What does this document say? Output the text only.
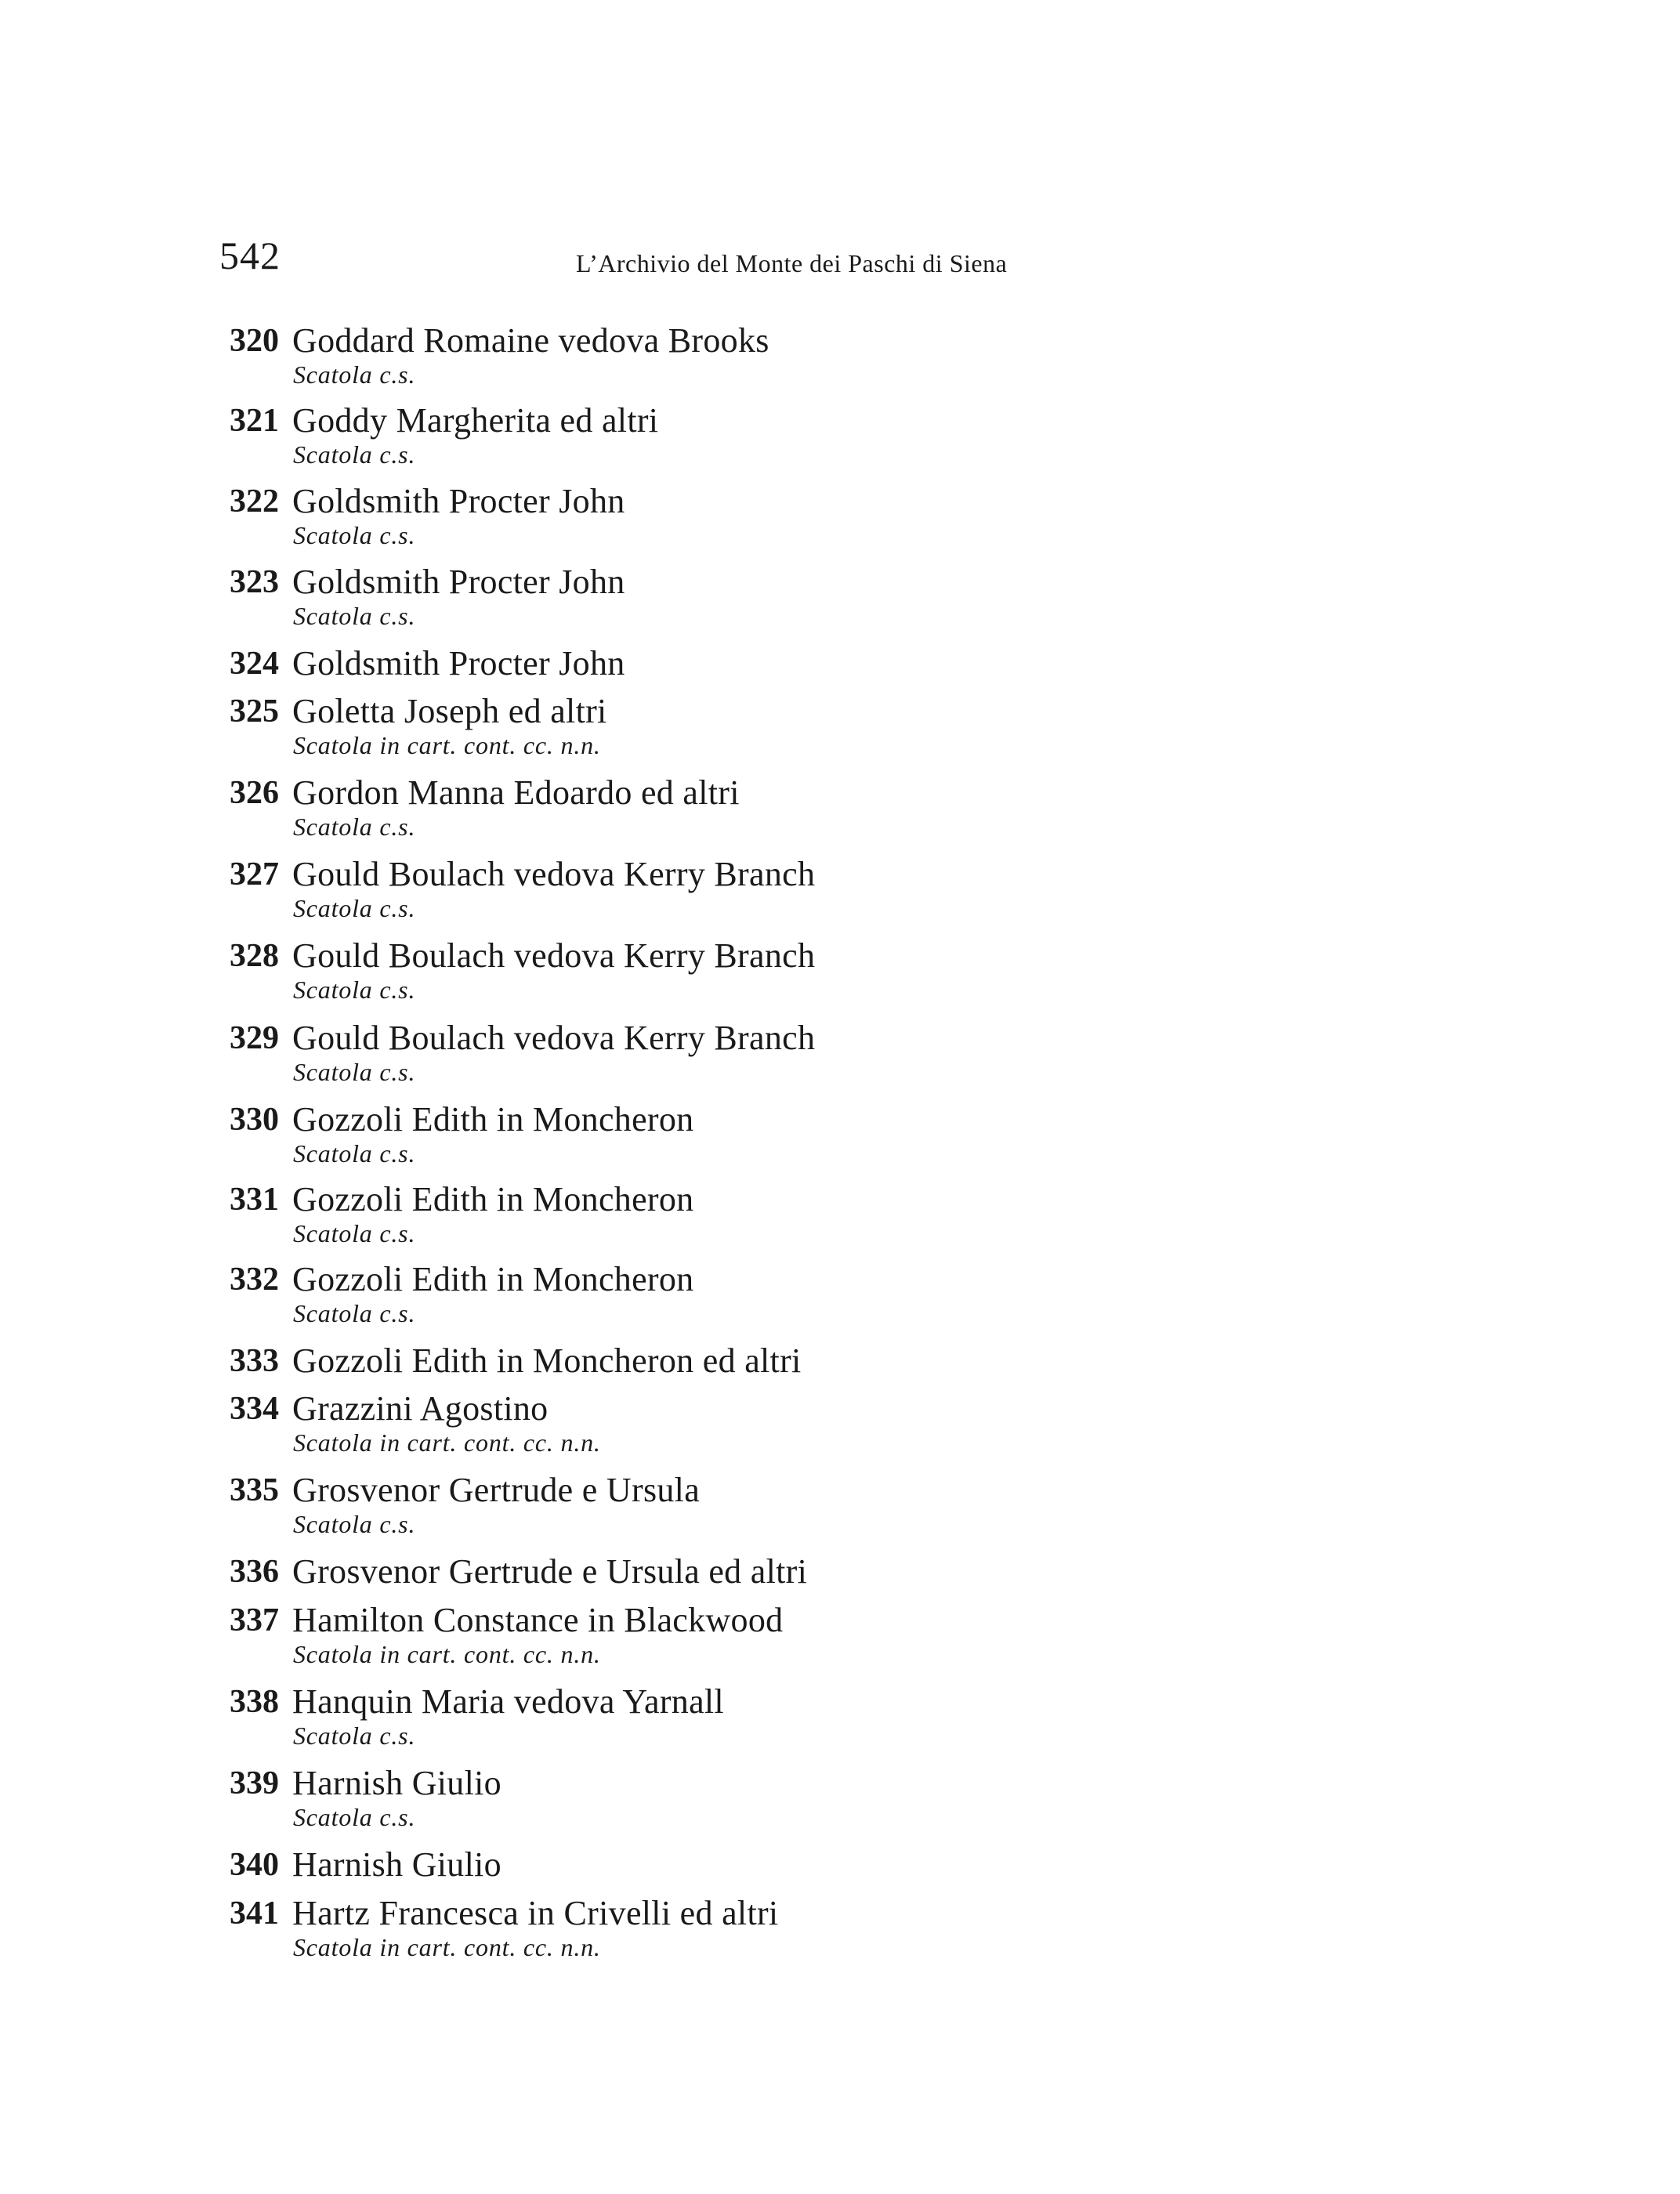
542	L’Archivio del Monte dei Paschi di Siena
320 Goddard Romaine vedova Brooks
Scatola c.s.
321 Goddy Margherita ed altri
Scatola c.s.
322 Goldsmith Procter John
Scatola c.s.
323 Goldsmith Procter John
Scatola c.s.
324 Goldsmith Procter John
325 Goletta Joseph ed altri
Scatola in cart. cont. cc. n.n.
326 Gordon Manna Edoardo ed altri
Scatola c.s.
327 Gould Boulach vedova Kerry Branch
Scatola c.s.
328 Gould Boulach vedova Kerry Branch
Scatola c.s.
329 Gould Boulach vedova Kerry Branch
Scatola c.s.
330 Gozzoli Edith in Moncheron
Scatola c.s.
331 Gozzoli Edith in Moncheron
Scatola c.s.
332 Gozzoli Edith in Moncheron
Scatola c.s.
333 Gozzoli Edith in Moncheron ed altri
334 Grazzini Agostino
Scatola in cart. cont. cc. n.n.
335 Grosvenor Gertrude e Ursula
Scatola c.s.
336 Grosvenor Gertrude e Ursula ed altri
337 Hamilton Constance in Blackwood
Scatola in cart. cont. cc. n.n.
338 Hanquin Maria vedova Yarnall
Scatola c.s.
339 Harnish Giulio
Scatola c.s.
340 Harnish Giulio
341 Hartz Francesca in Crivelli ed altri
Scatola in cart. cont. cc. n.n.
